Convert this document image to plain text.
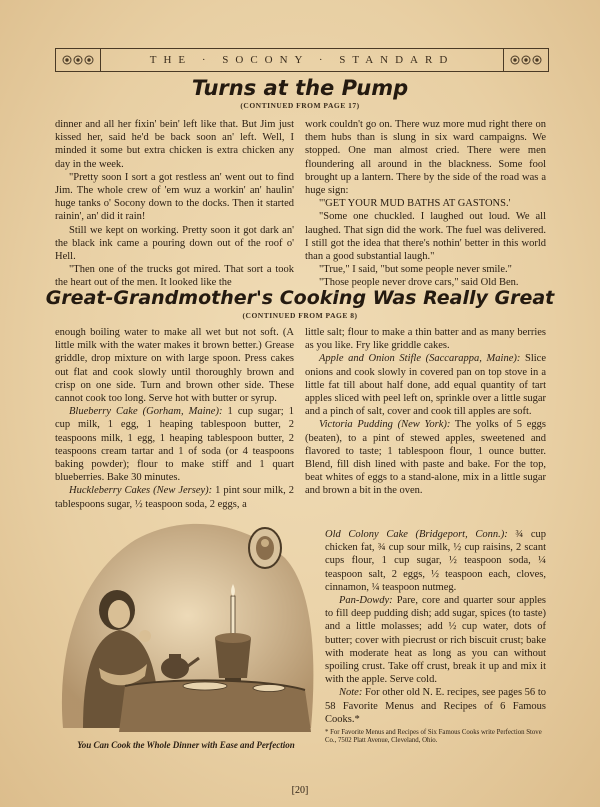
THE · SOCONY · STANDARD
Turns at the Pump
(CONTINUED FROM PAGE 17)

dinner and all her fixin' bein' left like that. But Jim just kissed her, said he'd be back soon an' left. Well, I minded it some but extra chicken is extra chicken any day in the week.

"Pretty soon I sort a got restless an' went out to find Jim. The whole crew of 'em wuz a workin' an' haulin' huge tanks o' Socony down to the docks. Then it started rainin', an' did it rain!

Still we kept on working. Pretty soon it got dark an' the black ink came a pouring down out of the roof o' Hell.

"Then one of the trucks got mired. That sort a took the heart out of the men. It looked like the

work couldn't go on. There wuz more mud right there on them hubs than is slung in six ward campaigns. We stopped. One man almost cried. There were men floundering all around in the blackness. Some fool brought up a lantern. There by the side of the road was a huge sign:

"'GET YOUR MUD BATHS AT GASTONS.'

"Some one chuckled. I laughed out loud. We all laughed. That sign did the work. The fuel was delivered. I still got the idea that there's nothin' better in this world than a good substantial laugh."

"True," I said, "but some people never smile."

"Those people never drove cars," said Old Ben.

Great-Grandmother's Cooking Was Really Great
(CONTINUED FROM PAGE 8)

enough boiling water to make all wet but not soft. (A little milk with the water makes it brown better.) Grease griddle, drop mixture on with large spoon. Press cakes out flat and cook slowly until thoroughly brown and crisp on one side. Turn and brown other side. These cannot cook too long. Serve hot with butter or syrup.

Blueberry Cake (Gorham, Maine): 1 cup sugar; 1 cup milk, 1 egg, 1 heaping tablespoon butter, 2 teaspoons milk, 1 egg, 1 heaping tablespoon butter, 2 teaspoons cream tartar and 1 of soda (or 4 teaspoons baking powder); flour to make stiff and 1 quart blueberries. Bake 30 minutes.

Huckleberry Cakes (New Jersey): 1 pint sour milk, 2 tablespoons sugar, ½ teaspoon soda, 2 eggs, a

little salt; flour to make a thin batter and as many berries as you like. Fry like griddle cakes.

Apple and Onion Stifle (Saccarappa, Maine): Slice onions and cook slowly in covered pan on top stove in a little fat till about half done, add equal quantity of tart apples sliced with peel left on, sprinkle over a little sugar and a pinch of salt, cover and cook till apples are soft.

Victoria Pudding (New York): The yolks of 5 eggs (beaten), to a pint of stewed apples, sweetened and flavored to taste; 1 tablespoon flour, 1 ounce butter. Blend, fill dish lined with paste and bake. For the top, beat whites of eggs to a stand-alone, mix in a little sugar and brown a bit in the oven.

Old Colony Cake (Bridgeport, Conn.): ¾ cup chicken fat, ¾ cup sour milk, ½ cup raisins, 2 scant cups flour, 1 cup sugar, ½ teaspoon soda, ¼ teaspoon salt, 2 eggs, ½ teaspoon each, cloves, cinnamon, ¼ teaspoon nutmeg.

Pan-Dowdy: Pare, core and quarter sour apples to fill deep pudding dish; add sugar, spices (to taste) and a little molasses; add ½ cup water, dots of butter; cover with piecrust or rich biscuit crust; bake with moderate heat as long as you can without spoiling crust. Take off crust, break it up and mix it with the apple. Serve cold.

Note: For other old N. E. recipes, see pages 56 to 58 Favorite Menus and Recipes of 6 Famous Cooks.*

* For Favorite Menus and Recipes of Six Famous Cooks write Perfection Stove Co., 7502 Platt Avenue, Cleveland, Ohio.
You Can Cook the Whole Dinner with Ease and Perfection
[20]
